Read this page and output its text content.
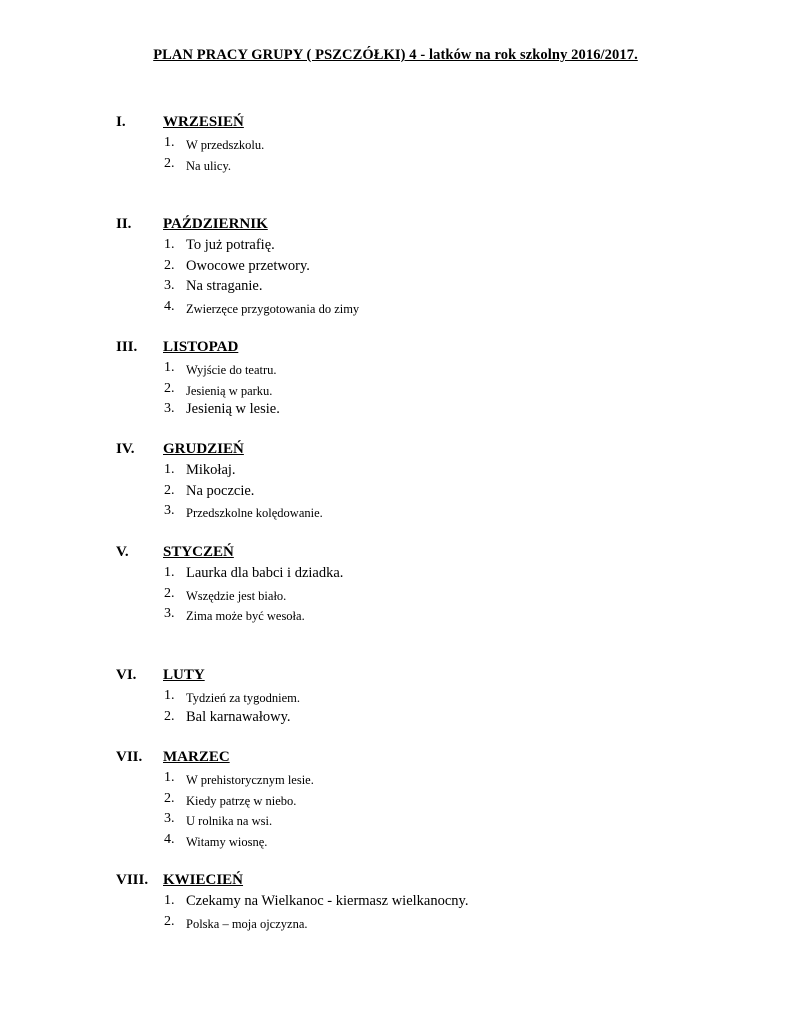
PLAN PRACY GRUPY ( PSZCZÓŁKI) 4 - latków na rok szkolny 2016/2017.
I. WRZESIEŃ
1. W przedszkolu.
2. Na ulicy.
II. PAŹDZIERNIK
1. To już potrafię.
2. Owocowe przetwory.
3. Na straganie.
4. Zwierzęce przygotowania do zimy
III. LISTOPAD
1. Wyjście do teatru.
2. Jesienią w parku.
3. Jesienią w lesie.
IV. GRUDZIEŃ
1. Mikołaj.
2. Na poczcie.
3. Przedszkolne kolędowanie.
V. STYCZEŃ
1. Laurka dla babci i dziadka.
2. Wszędzie jest biało.
3. Zima może być wesoła.
VI. LUTY
1. Tydzień za tygodniem.
2. Bal karnawałowy.
VII. MARZEC
1. W prehistorycznym lesie.
2. Kiedy patrzę w niebo.
3. U rolnika na wsi.
4. Witamy wiosnę.
VIII. KWIECIEŃ
1. Czekamy na Wielkanoc - kiermasz wielkanocny.
2. Polska – moja ojczyzna.
